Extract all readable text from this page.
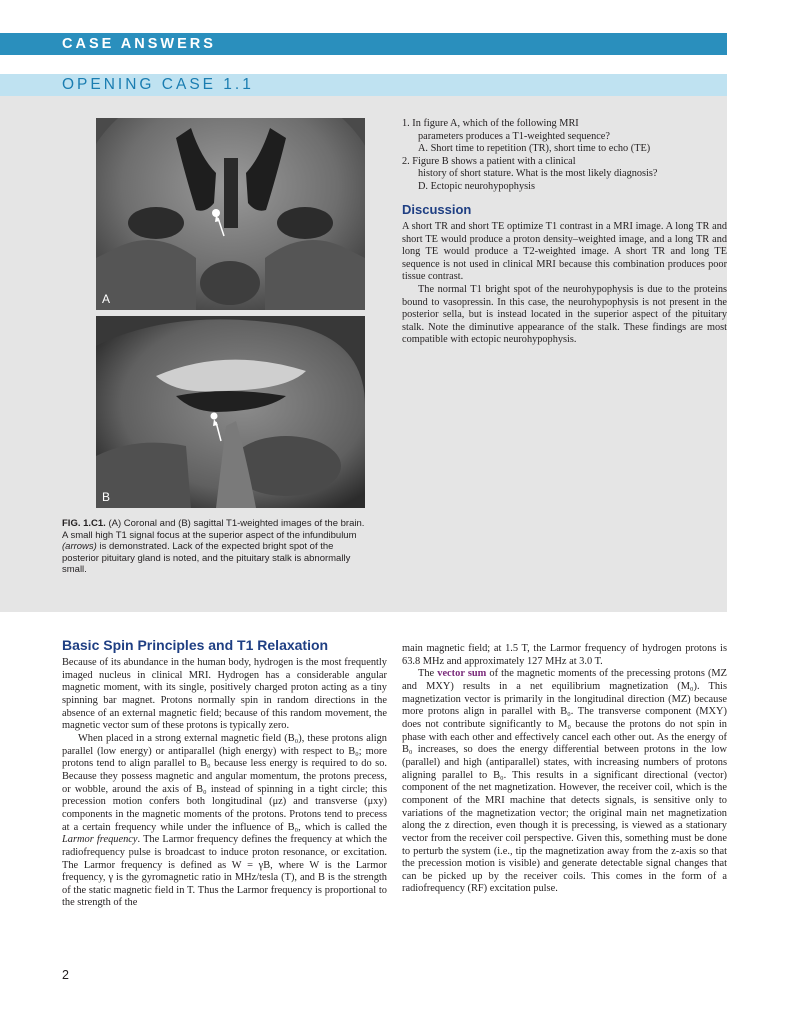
CASE ANSWERS
OPENING CASE 1.1
A
B
FIG. 1.C1. (A) Coronal and (B) sagittal T1-weighted images of the brain. A small high T1 signal focus at the superior aspect of the infundibulum (arrows) is demonstrated. Lack of the expected bright spot of the posterior pituitary gland is noted, and the pituitary stalk is abnormally small.
1. In figure A, which of the following MRI
parameters produces a T1-weighted sequence?
A. Short time to repetition (TR), short time to echo (TE)
2. Figure B shows a patient with a clinical
history of short stature. What is the most likely diagnosis?
D. Ectopic neurohypophysis
Discussion

A short TR and short TE optimize T1 contrast in a MRI image. A long TR and short TE would produce a proton density–weighted image, and a long TR and long TE would produce a T2-weighted image. A short TR and long TE sequence is not used in clinical MRI because this combination produces poor tissue contrast.

The normal T1 bright spot of the neurohypophysis is due to the proteins bound to vasopressin. In this case, the neurohypophysis is not present in the posterior sella, but is instead located in the superior aspect of the pituitary stalk. Note the diminutive appearance of the stalk. These findings are most compatible with ectopic neurohypophysis.

Basic Spin Principles and T1 Relaxation

Because of its abundance in the human body, hydrogen is the most frequently imaged nucleus in clinical MRI. Hydrogen has a considerable angular magnetic moment, with its single, positively charged proton acting as a tiny spinning bar magnet. Protons normally spin in random directions in the absence of an external magnetic field; because of this random movement, the magnetic vector sum of these protons is typically zero.

When placed in a strong external magnetic field (B₀), these protons align parallel (low energy) or antiparallel (high energy) with respect to B₀; more protons tend to align parallel to B₀ because less energy is required to do so. Because they possess magnetic and angular momentum, the protons precess, or wobble, around the axis of B₀ instead of spinning in a tight circle; this precession motion confers both longitudinal (μz) and transverse (μxy) components in the magnetic moments of the protons. Protons tend to precess at a certain frequency while under the influence of B₀, which is called the Larmor frequency. The Larmor frequency defines the frequency at which the radiofrequency pulse is broadcast to induce proton resonance, or excitation. The Larmor frequency is defined as W = γB, where W is the Larmor frequency, γ is the gyromagnetic ratio in MHz/tesla (T), and B is the strength of the static magnetic field in T. Thus the Larmor frequency is proportional to the strength of the

main magnetic field; at 1.5 T, the Larmor frequency of hydrogen protons is 63.8 MHz and approximately 127 MHz at 3.0 T.

The vector sum of the magnetic moments of the precessing protons (MZ and MXY) results in a net equilibrium magnetization (M₀). This magnetization vector is primarily in the longitudinal direction (MZ) because more protons align in parallel with B₀. The transverse component (MXY) does not contribute significantly to M₀ because the protons do not spin in phase with each other and effectively cancel each other out. As the energy of B₀ increases, so does the energy differential between protons in the low (parallel) and high (antiparallel) states, with increasing numbers of protons aligning parallel to B₀. This results in a significant directional (vector) component of the net magnetization. However, the receiver coil, which is the component of the MRI machine that detects signals, is sensitive only to variations of the magnetization vector; the original main net magnetization along the z direction, even though it is precessing, is viewed as a stationary vector from the receiver coil perspective. Given this, something must be done to perturb the system (i.e., tip the magnetization away from the z-axis so that the precession motion is visible) and generate detectable signal changes that can be picked up by the receiver coils. This comes in the form of a radiofrequency (RF) excitation pulse.

2
